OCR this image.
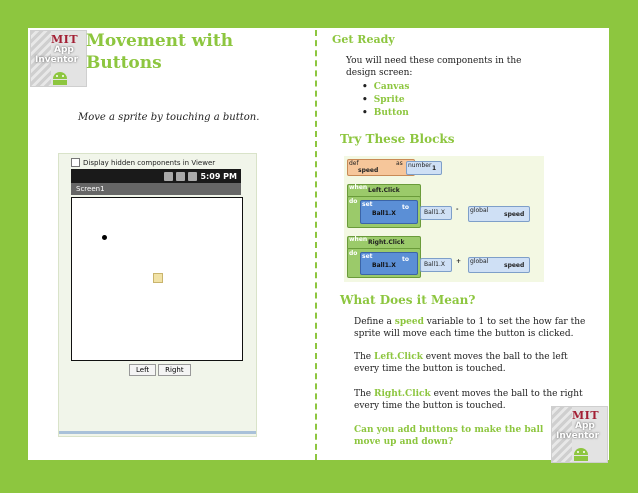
MIT
App
Inventor
Movement with
Buttons
Move a sprite by touching a button.
Display hidden components in Viewer
5:09 PM
Screen1
Left	Right
Get Ready
You will need these components in the
design screen:
• Canvas
• Sprite
• Button
Try These Blocks
def	as
speed
number 1
when Left.Click
do set	to
Ball1.X	Ball1.X - global
speed
when Right.Click
do set	to
Ball1.X	Ball1.X + global
speed
What Does it Mean?
Define a speed variable to 1 to set the how far the
sprite will move each time the button is clicked.
The Left.Click event moves the ball to the left
every time the button is touched.
The Right.Click event moves the ball to the right
every time the button is touched.
Can you add buttons to make the ball
move up and down?
MIT
App
Inventor
